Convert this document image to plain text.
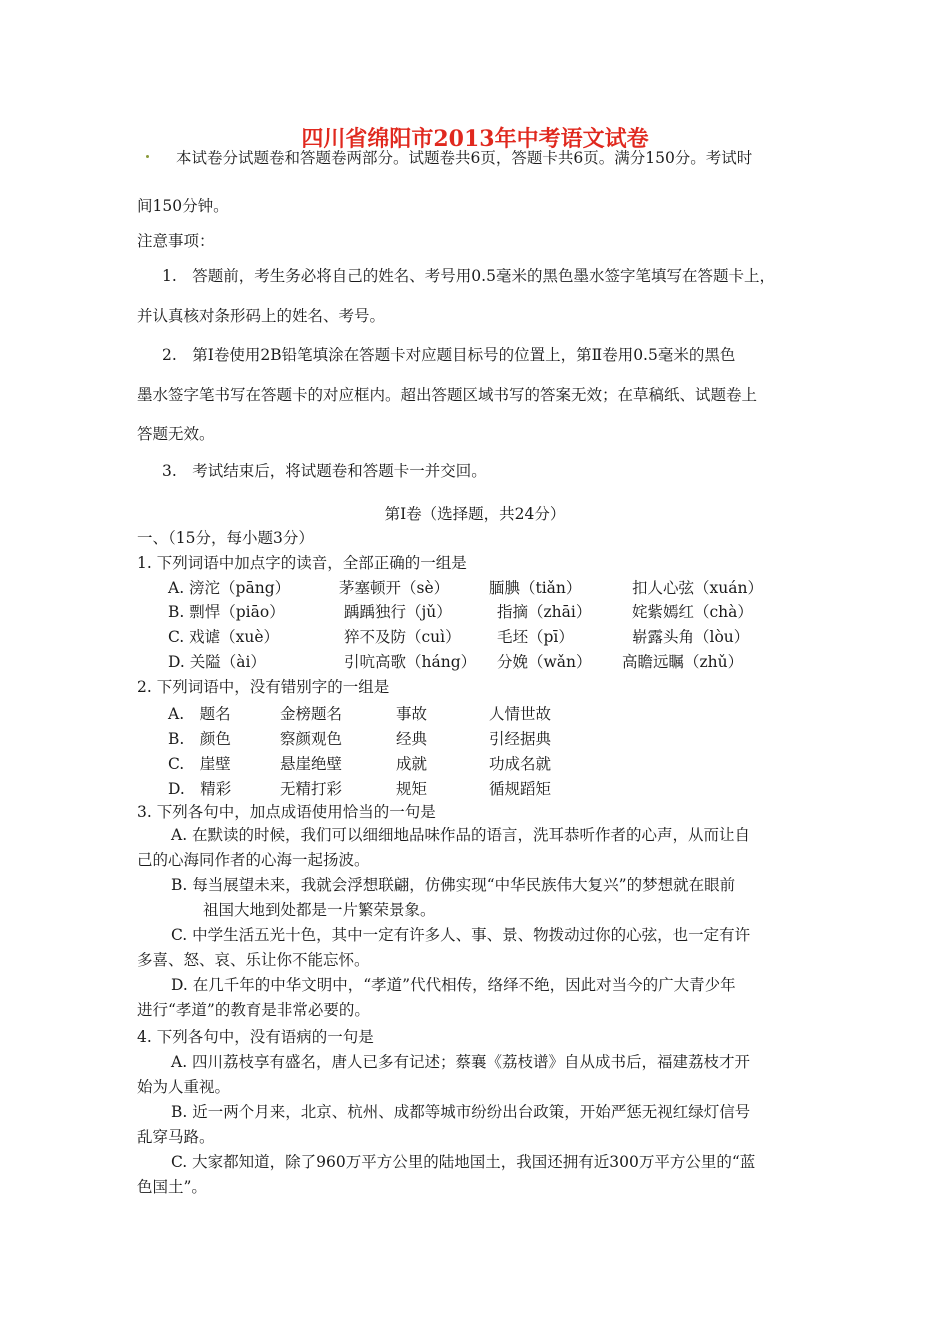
四川省绵阳市2013年中考语文试卷
本试卷分试题卷和答题卷两部分。试题卷共6页，答题卡共6页。满分150分。考试时
间150分钟。
注意事项：
1.　答题前，考生务必将自己的姓名、考号用0.5毫米的黑色墨水签字笔填写在答题卡上，
并认真核对条形码上的姓名、考号。
2.　第Ⅰ卷使用2B铅笔填涂在答题卡对应题目标号的位置上，第Ⅱ卷用0.5毫米的黑色
墨水签字笔书写在答题卡的对应框内。超出答题区域书写的答案无效；在草稿纸、试题卷上
答题无效。
3.　考试结束后，将试题卷和答题卡一并交回。
第Ⅰ卷（选择题，共24分）
一、（15分，每小题3分）
1. 下列词语中加点字的读音，全部正确的一组是
A. 滂沱（pāng）	茅塞顿开（sè）	腼腆（tiǎn）	扣人心弦（xuán）
B. 剽悍（piāo）	踽踽独行（jǔ）	指摘（zhāi）	姹紫嫣红（chà）
C. 戏谑（xuè）	猝不及防（cuì） 毛坯（pī）	崭露头角（lòu）
D. 关隘（ài）	引吭高歌（háng） 分娩（wǎn） 高瞻远瞩（zhǔ）
2. 下列词语中，没有错别字的一组是
A.　题名	金榜题名	事故	人情世故
B.　颜色	察颜观色	经典	引经据典
C.　崖壁	悬崖绝壁	成就	功成名就
D.　精彩	无精打彩	规矩	循规蹈矩
3. 下列各句中，加点成语使用恰当的一句是
A. 在默读的时候，我们可以细细地品味作品的语言，洗耳恭听作者的心声，从而让自
己的心海同作者的心海一起扬波。
B. 每当展望未来，我就会浮想联翩，仿佛实现“中华民族伟大复兴”的梦想就在眼前
祖国大地到处都是一片繁荣景象。
C. 中学生活五光十色，其中一定有许多人、事、景、物拨动过你的心弦，也一定有许
多喜、怒、哀、乐让你不能忘怀。
D. 在几千年的中华文明中，“孝道”代代相传，络绎不绝，因此对当今的广大青少年
进行“孝道”的教育是非常必要的。
4. 下列各句中，没有语病的一句是
A. 四川荔枝享有盛名，唐人已多有记述；蔡襄《荔枝谱》自从成书后，福建荔枝才开
始为人重视。
B. 近一两个月来，北京、杭州、成都等城市纷纷出台政策，开始严惩无视红绿灯信号
乱穿马路。
C. 大家都知道，除了960万平方公里的陆地国土，我国还拥有近300万平方公里的“蓝
色国土”。
